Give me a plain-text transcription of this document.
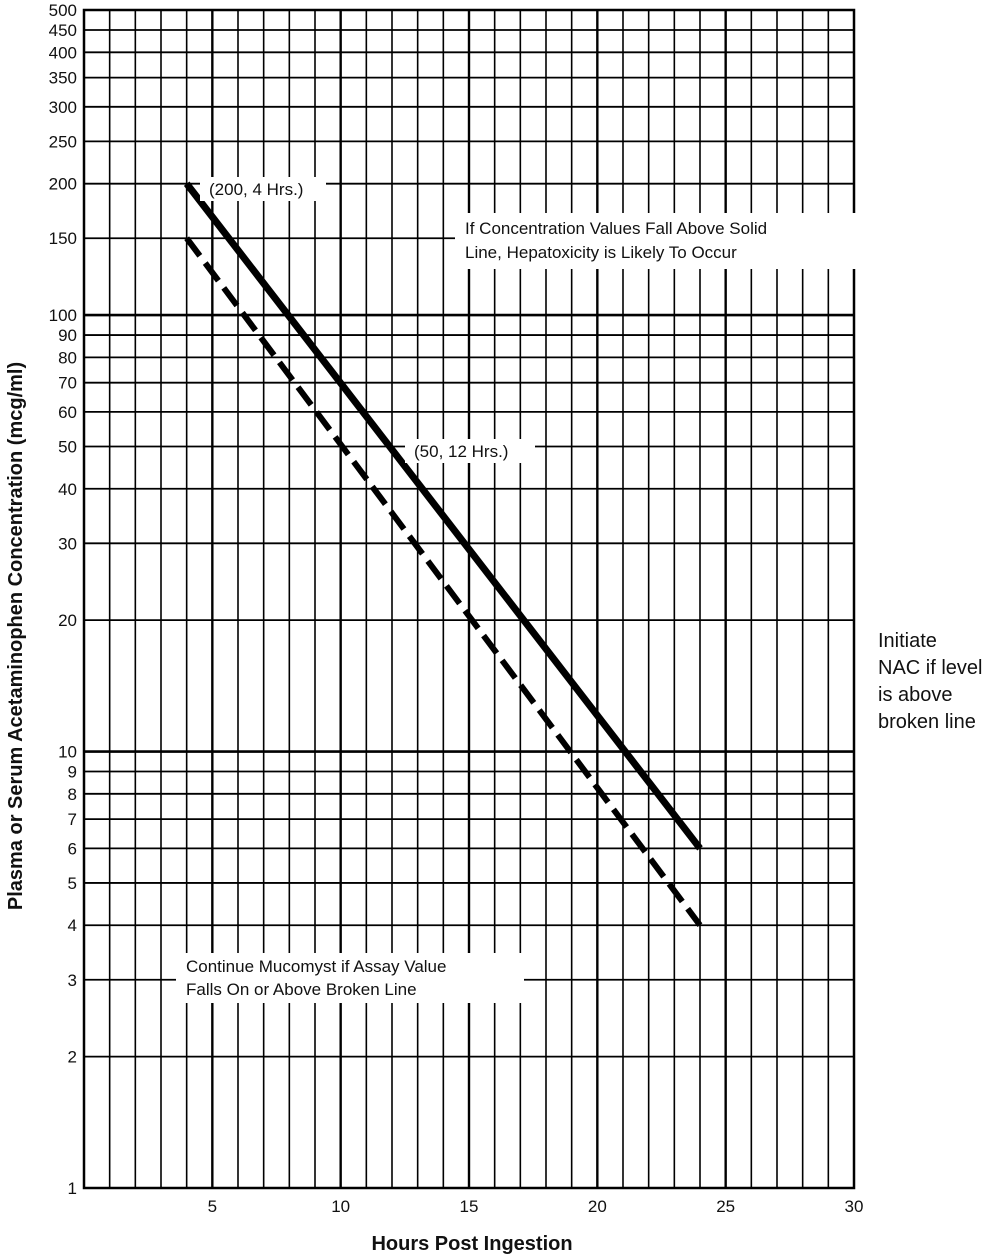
1
2
3
4
5
6
7
8
9
10
20
30
40
50
60
70
80
90
100
150
200
250
300
350
400
450
500
5	10	15	20	25	30
Hours Post Ingestion
Plasma or Serum Acetaminophen Concentration (mcg/ml)
(200, 4 Hrs.)
(50, 12 Hrs.)
If Concentration Values Fall Above Solid
Line, Hepatoxicity is Likely To Occur
Continue Mucomyst if Assay Value
Falls On or Above Broken Line
Initiate
NAC if level
is above
broken line
